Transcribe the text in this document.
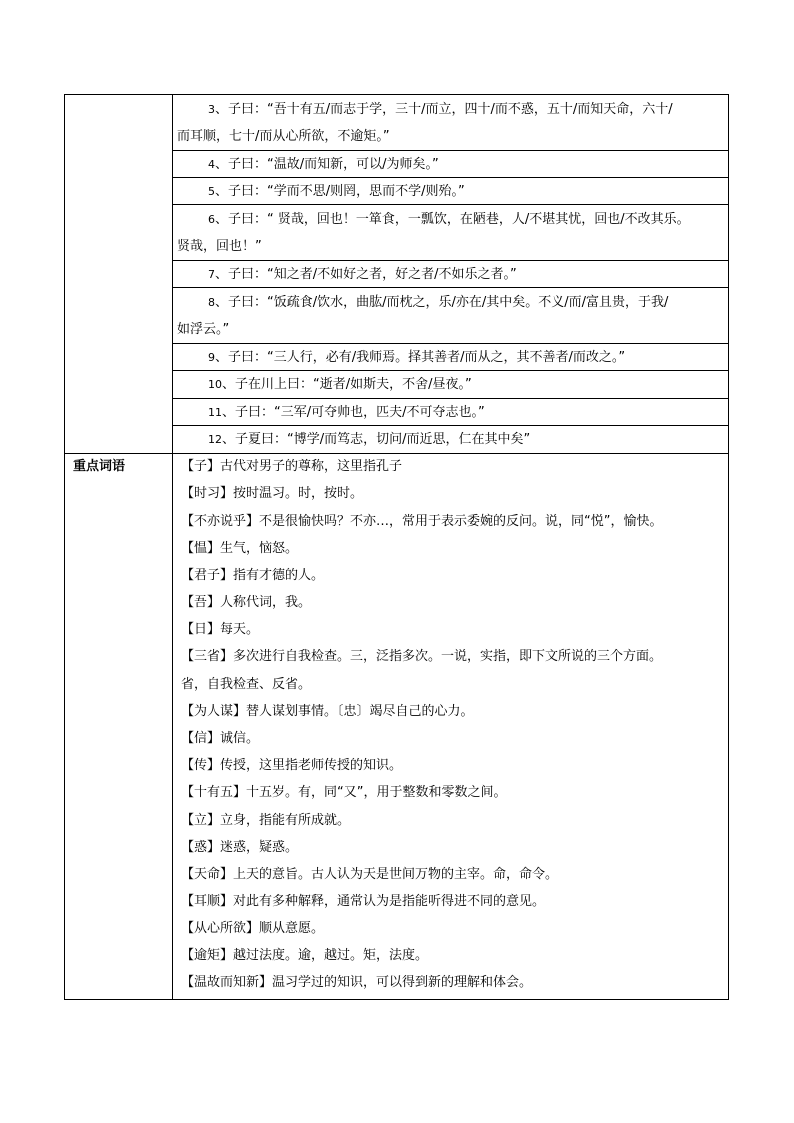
3、子曰：“吾十有五/而志于学，三十/而立，四十/而不惑，五十/而知天命，六十/
而耳顺，七十/而从心所欲，不逾矩。”
4、子曰：“温故/而知新，可以/为师矣。”
5、子曰：“学而不思/则罔，思而不学/则殆。”
6、子曰：“ 贤哉，回也！一箪食，一瓢饮，在陋巷，人/不堪其忧，回也/不改其乐。
贤哉，回也！”
7、子曰：“知之者/不如好之者，好之者/不如乐之者。”
8、子曰：“饭疏食/饮水，曲肱/而枕之，乐/亦在/其中矣。不义/而/富且贵，于我/
如浮云。”
9、子曰：“三人行，必有/我师焉。择其善者/而从之，其不善者/而改之。”
10、子在川上曰：“逝者/如斯夫，不舍/昼夜。”
11、子曰：“三军/可夺帅也，匹夫/不可夺志也。”
12、子夏曰：“博学/而笃志，切问/而近思，仁在其中矣”
重点词语	【子】古代对男子的尊称，这里指孔子
【时习】按时温习。时，按时。
【不亦说乎】不是很愉快吗？不亦…，常用于表示委婉的反问。说，同“悦”，愉快。
【愠】生气，恼怒。
【君子】指有才德的人。
【吾】人称代词，我。
【日】每天。
【三省】多次进行自我检查。三，泛指多次。一说，实指，即下文所说的三个方面。
省，自我检查、反省。
【为人谋】替人谋划事情。〔忠〕竭尽自己的心力。
【信】诚信。
【传】传授，这里指老师传授的知识。
【十有五】十五岁。有，同“又”，用于整数和零数之间。
【立】立身，指能有所成就。
【惑】迷惑，疑惑。
【天命】上天的意旨。古人认为天是世间万物的主宰。命，命令。
【耳顺】对此有多种解释，通常认为是指能听得进不同的意见。
【从心所欲】顺从意愿。
【逾矩】越过法度。逾，越过。矩，法度。
【温故而知新】温习学过的知识，可以得到新的理解和体会。
